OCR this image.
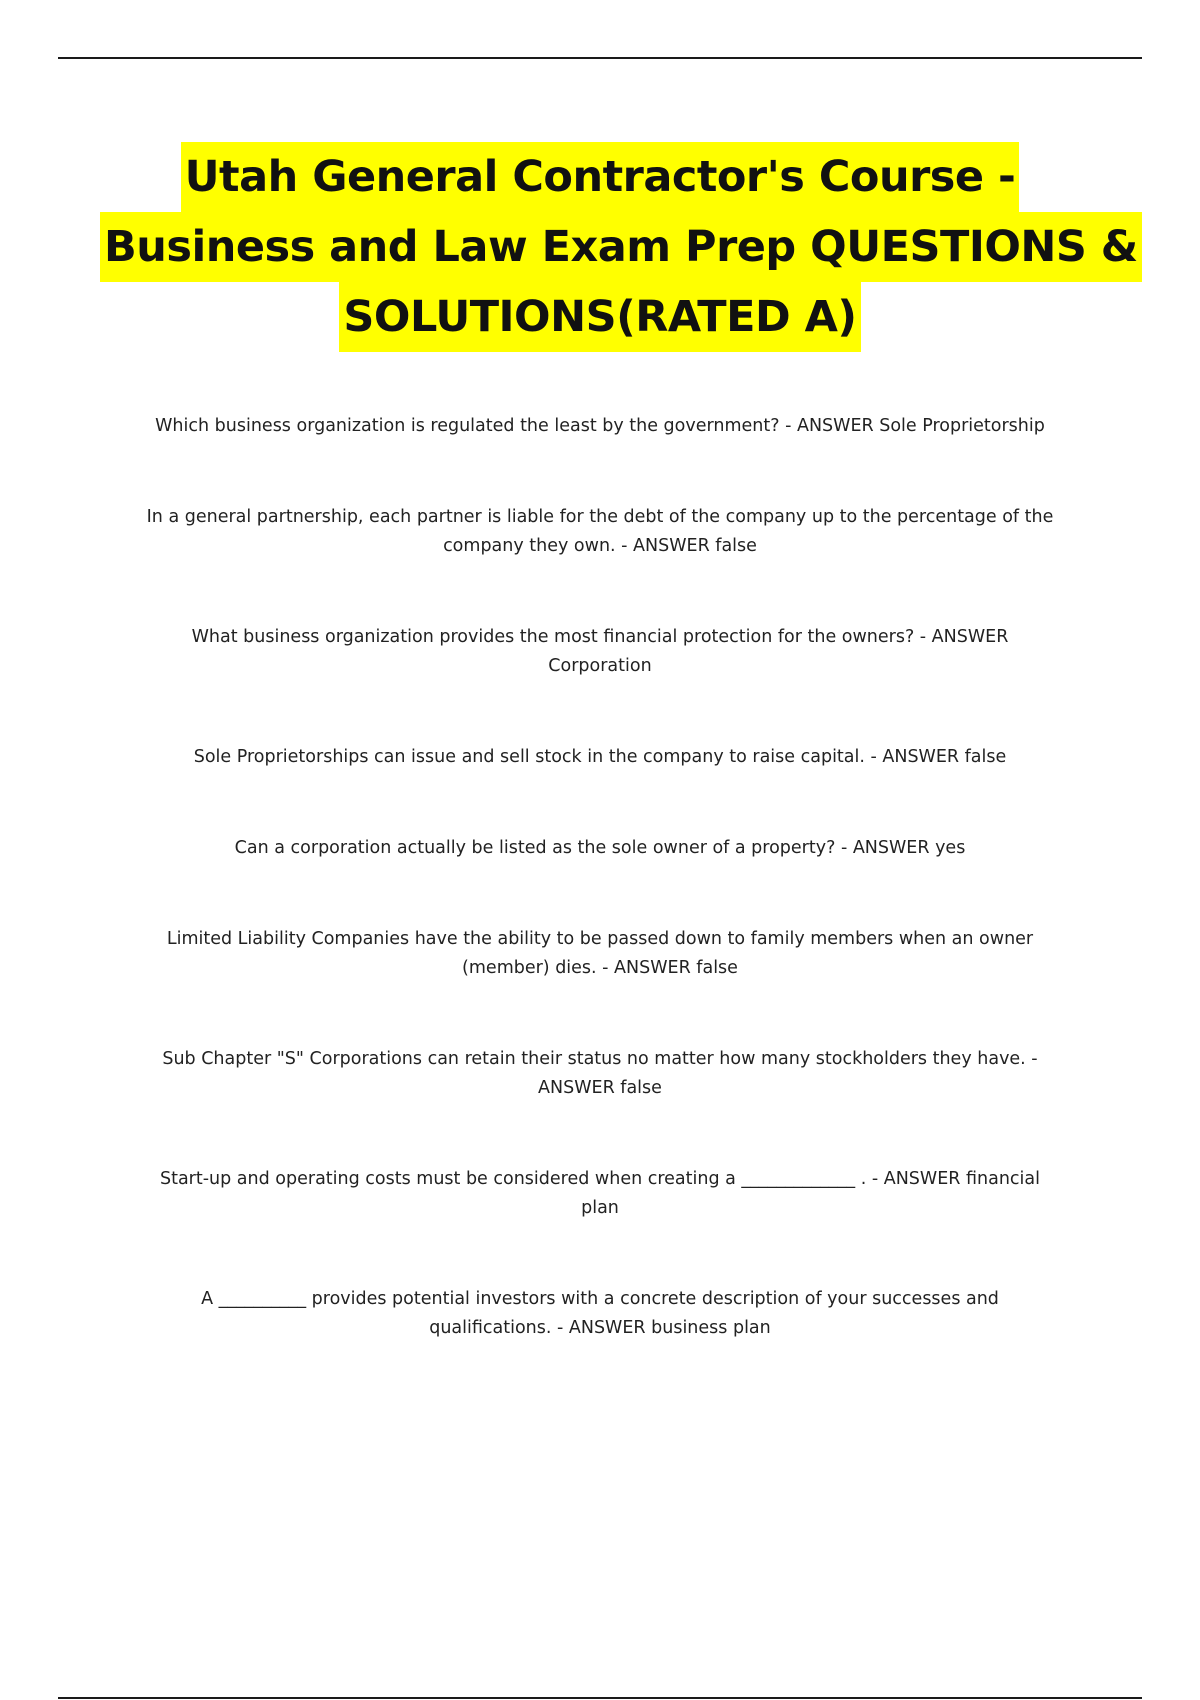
Utah General Contractor's Course -
Business and Law Exam Prep QUESTIONS &
SOLUTIONS(RATED A)
Which business organization is regulated the least by the government? - ANSWER Sole Proprietorship
In a general partnership, each partner is liable for the debt of the company up to the percentage of the company they own. - ANSWER false
What business organization provides the most financial protection for the owners? - ANSWER Corporation
Sole Proprietorships can issue and sell stock in the company to raise capital. - ANSWER false
Can a corporation actually be listed as the sole owner of a property? - ANSWER yes
Limited Liability Companies have the ability to be passed down to family members when an owner (member) dies. - ANSWER false
Sub Chapter "S" Corporations can retain their status no matter how many stockholders they have. - ANSWER false
Start-up and operating costs must be considered when creating a _____________ . - ANSWER financial plan
A __________ provides potential investors with a concrete description of your successes and qualifications. - ANSWER business plan
